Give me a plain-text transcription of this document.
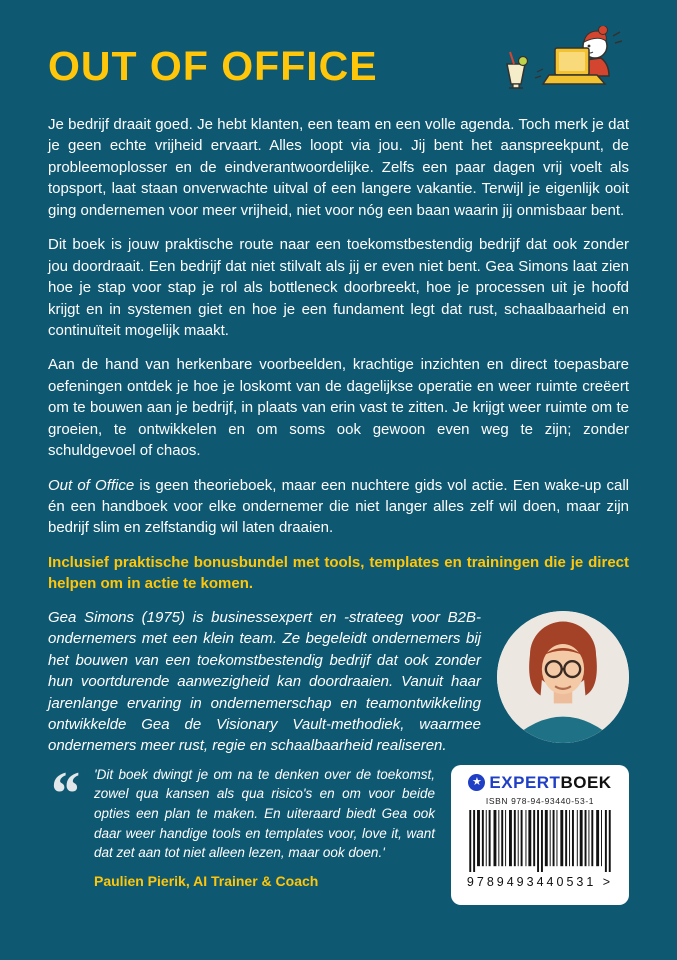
OUT OF OFFICE

Je bedrijf draait goed. Je hebt klanten, een team en een volle agenda. Toch merk je dat je geen echte vrijheid ervaart. Alles loopt via jou. Jij bent het aanspreekpunt, de probleemoplosser en de eindverantwoordelijke. Zelfs een paar dagen vrij voelt als topsport, laat staan onverwachte uitval of een langere vakantie. Terwijl je eigenlijk ooit ging ondernemen voor meer vrijheid, niet voor nóg een baan waarin jij onmisbaar bent.

Dit boek is jouw praktische route naar een toekomstbestendig bedrijf dat ook zonder jou doordraait. Een bedrijf dat niet stilvalt als jij er even niet bent. Gea Simons laat zien hoe je stap voor stap je rol als bottleneck doorbreekt, hoe je processen uit je hoofd krijgt en in systemen giet en hoe je een fundament legt dat rust, schaalbaarheid en continuïteit mogelijk maakt.

Aan de hand van herkenbare voorbeelden, krachtige inzichten en direct toepasbare oefeningen ontdek je hoe je loskomt van de dagelijkse operatie en weer ruimte creëert om te bouwen aan je bedrijf, in plaats van erin vast te zitten. Je krijgt weer ruimte om te groeien, te ontwikkelen en om soms ook gewoon even weg te zijn; zonder schuldgevoel of chaos.

Out of Office is geen theorieboek, maar een nuchtere gids vol actie. Een wake-up call én een handboek voor elke ondernemer die niet langer alles zelf wil doen, maar zijn bedrijf slim en zelfstandig wil laten draaien.

Inclusief praktische bonusbundel met tools, templates en trainingen die je direct helpen om in actie te komen.

Gea Simons (1975) is businessexpert en -strateeg voor B2B-ondernemers met een klein team. Ze begeleidt ondernemers bij het bouwen van een toekomstbestendig bedrijf dat ook zonder hun voortdurende aanwezigheid kan doordraaien. Vanuit haar jarenlange ervaring in ondernemerschap en teamontwikkeling ontwikkelde Gea de Visionary Vault-methodiek, waarmee ondernemers meer rust, regie en schaalbaarheid realiseren.

“	'Dit boek dwingt je om na te denken over de toekomst, zowel qua kansen als qua risico's en om voor beide opties een plan te maken. En uiteraard biedt Gea ook daar weer handige tools en templates voor, love it, want dat zet aan tot niet alleen lezen, maar ook doen.'

Paulien Pierik, AI Trainer & Coach

★ EXPERTBOEK
ISBN 978-94-93440-53-1
9789493440531 >
